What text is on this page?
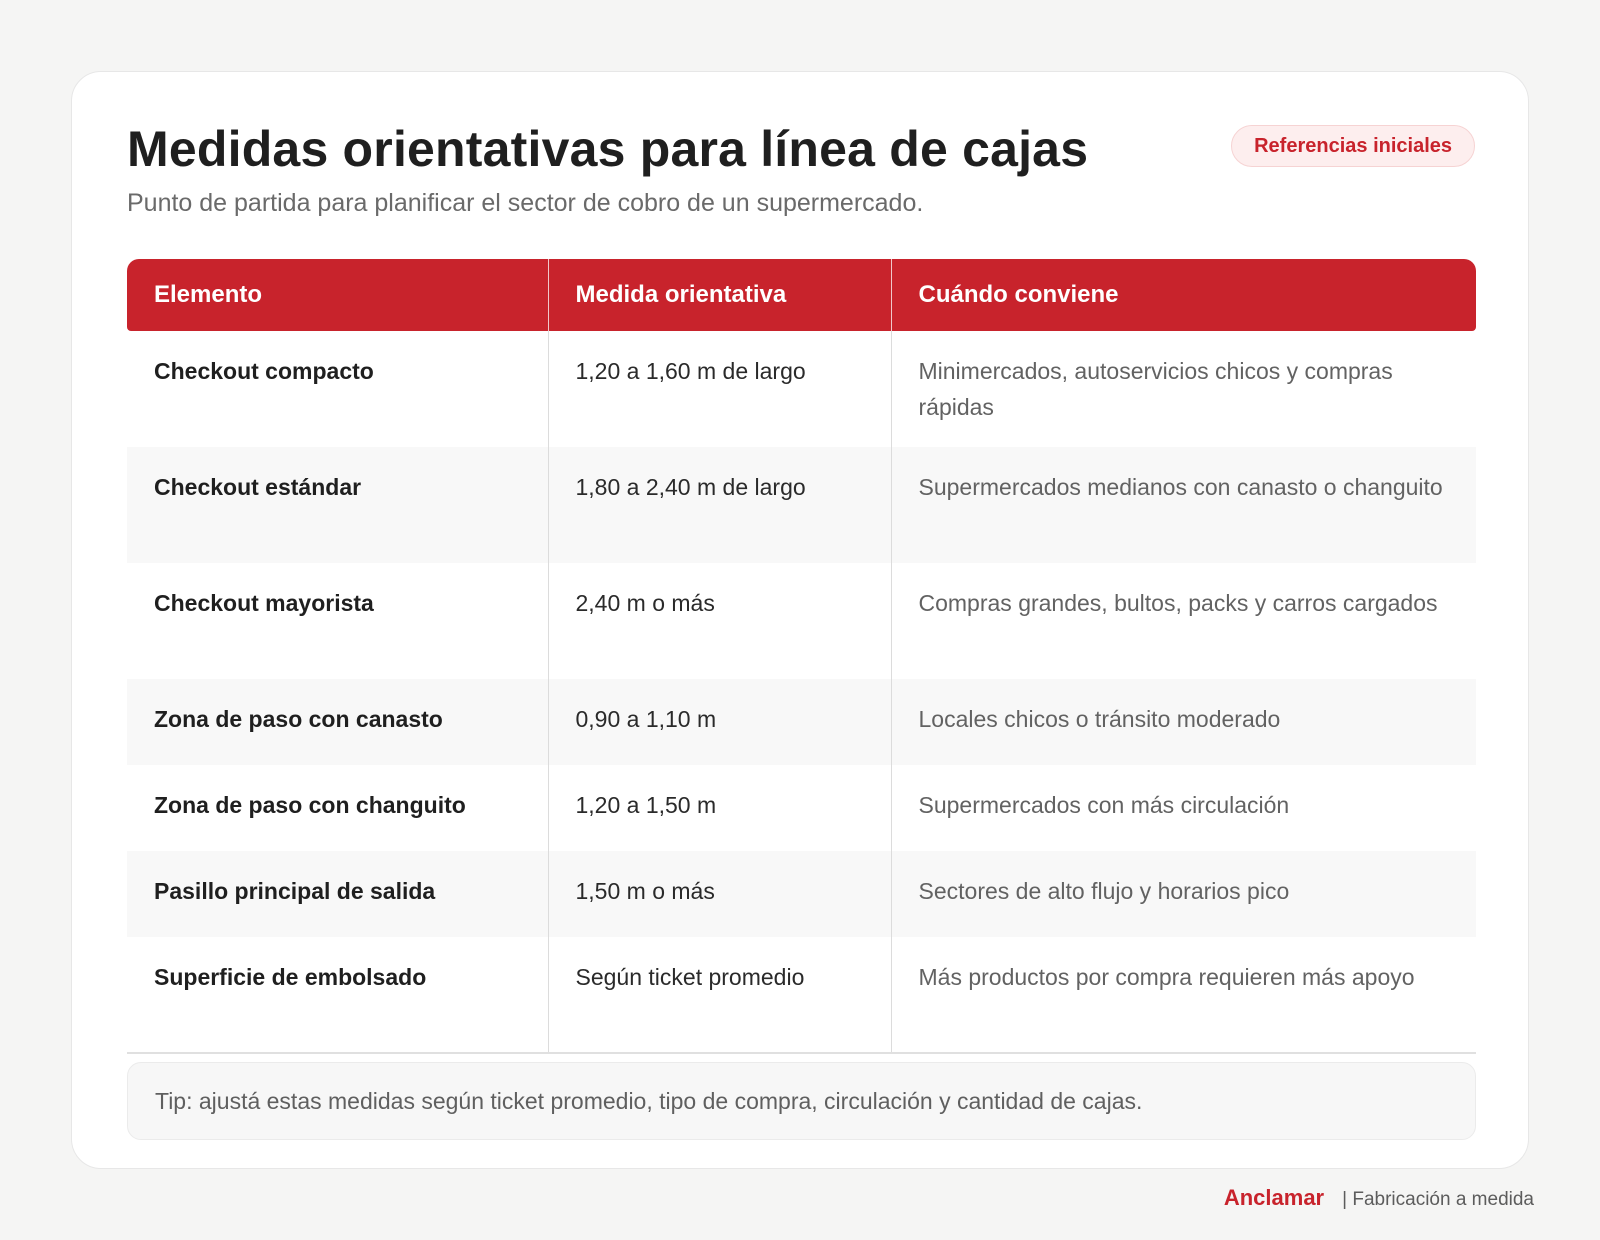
Medidas orientativas para línea de cajas

Punto de partida para planificar el sector de cobro de un supermercado.

Referencias iniciales
Elemento	Medida orientativa	Cuándo conviene
Checkout compacto	1,20 a 1,60 m de largo	Minimercados, autoservicios chicos y compras rápidas
Checkout estándar	1,80 a 2,40 m de largo	Supermercados medianos con canasto o changuito
Checkout mayorista	2,40 m o más	Compras grandes, bultos, packs y carros cargados
Zona de paso con canasto	0,90 a 1,10 m	Locales chicos o tránsito moderado
Zona de paso con changuito	1,20 a 1,50 m	Supermercados con más circulación
Pasillo principal de salida	1,50 m o más	Sectores de alto flujo y horarios pico
Superficie de embolsado	Según ticket promedio	Más productos por compra requieren más apoyo
Tip: ajustá estas medidas según ticket promedio, tipo de compra, circulación y cantidad de cajas.
Anclamar | Fabricación a medida
